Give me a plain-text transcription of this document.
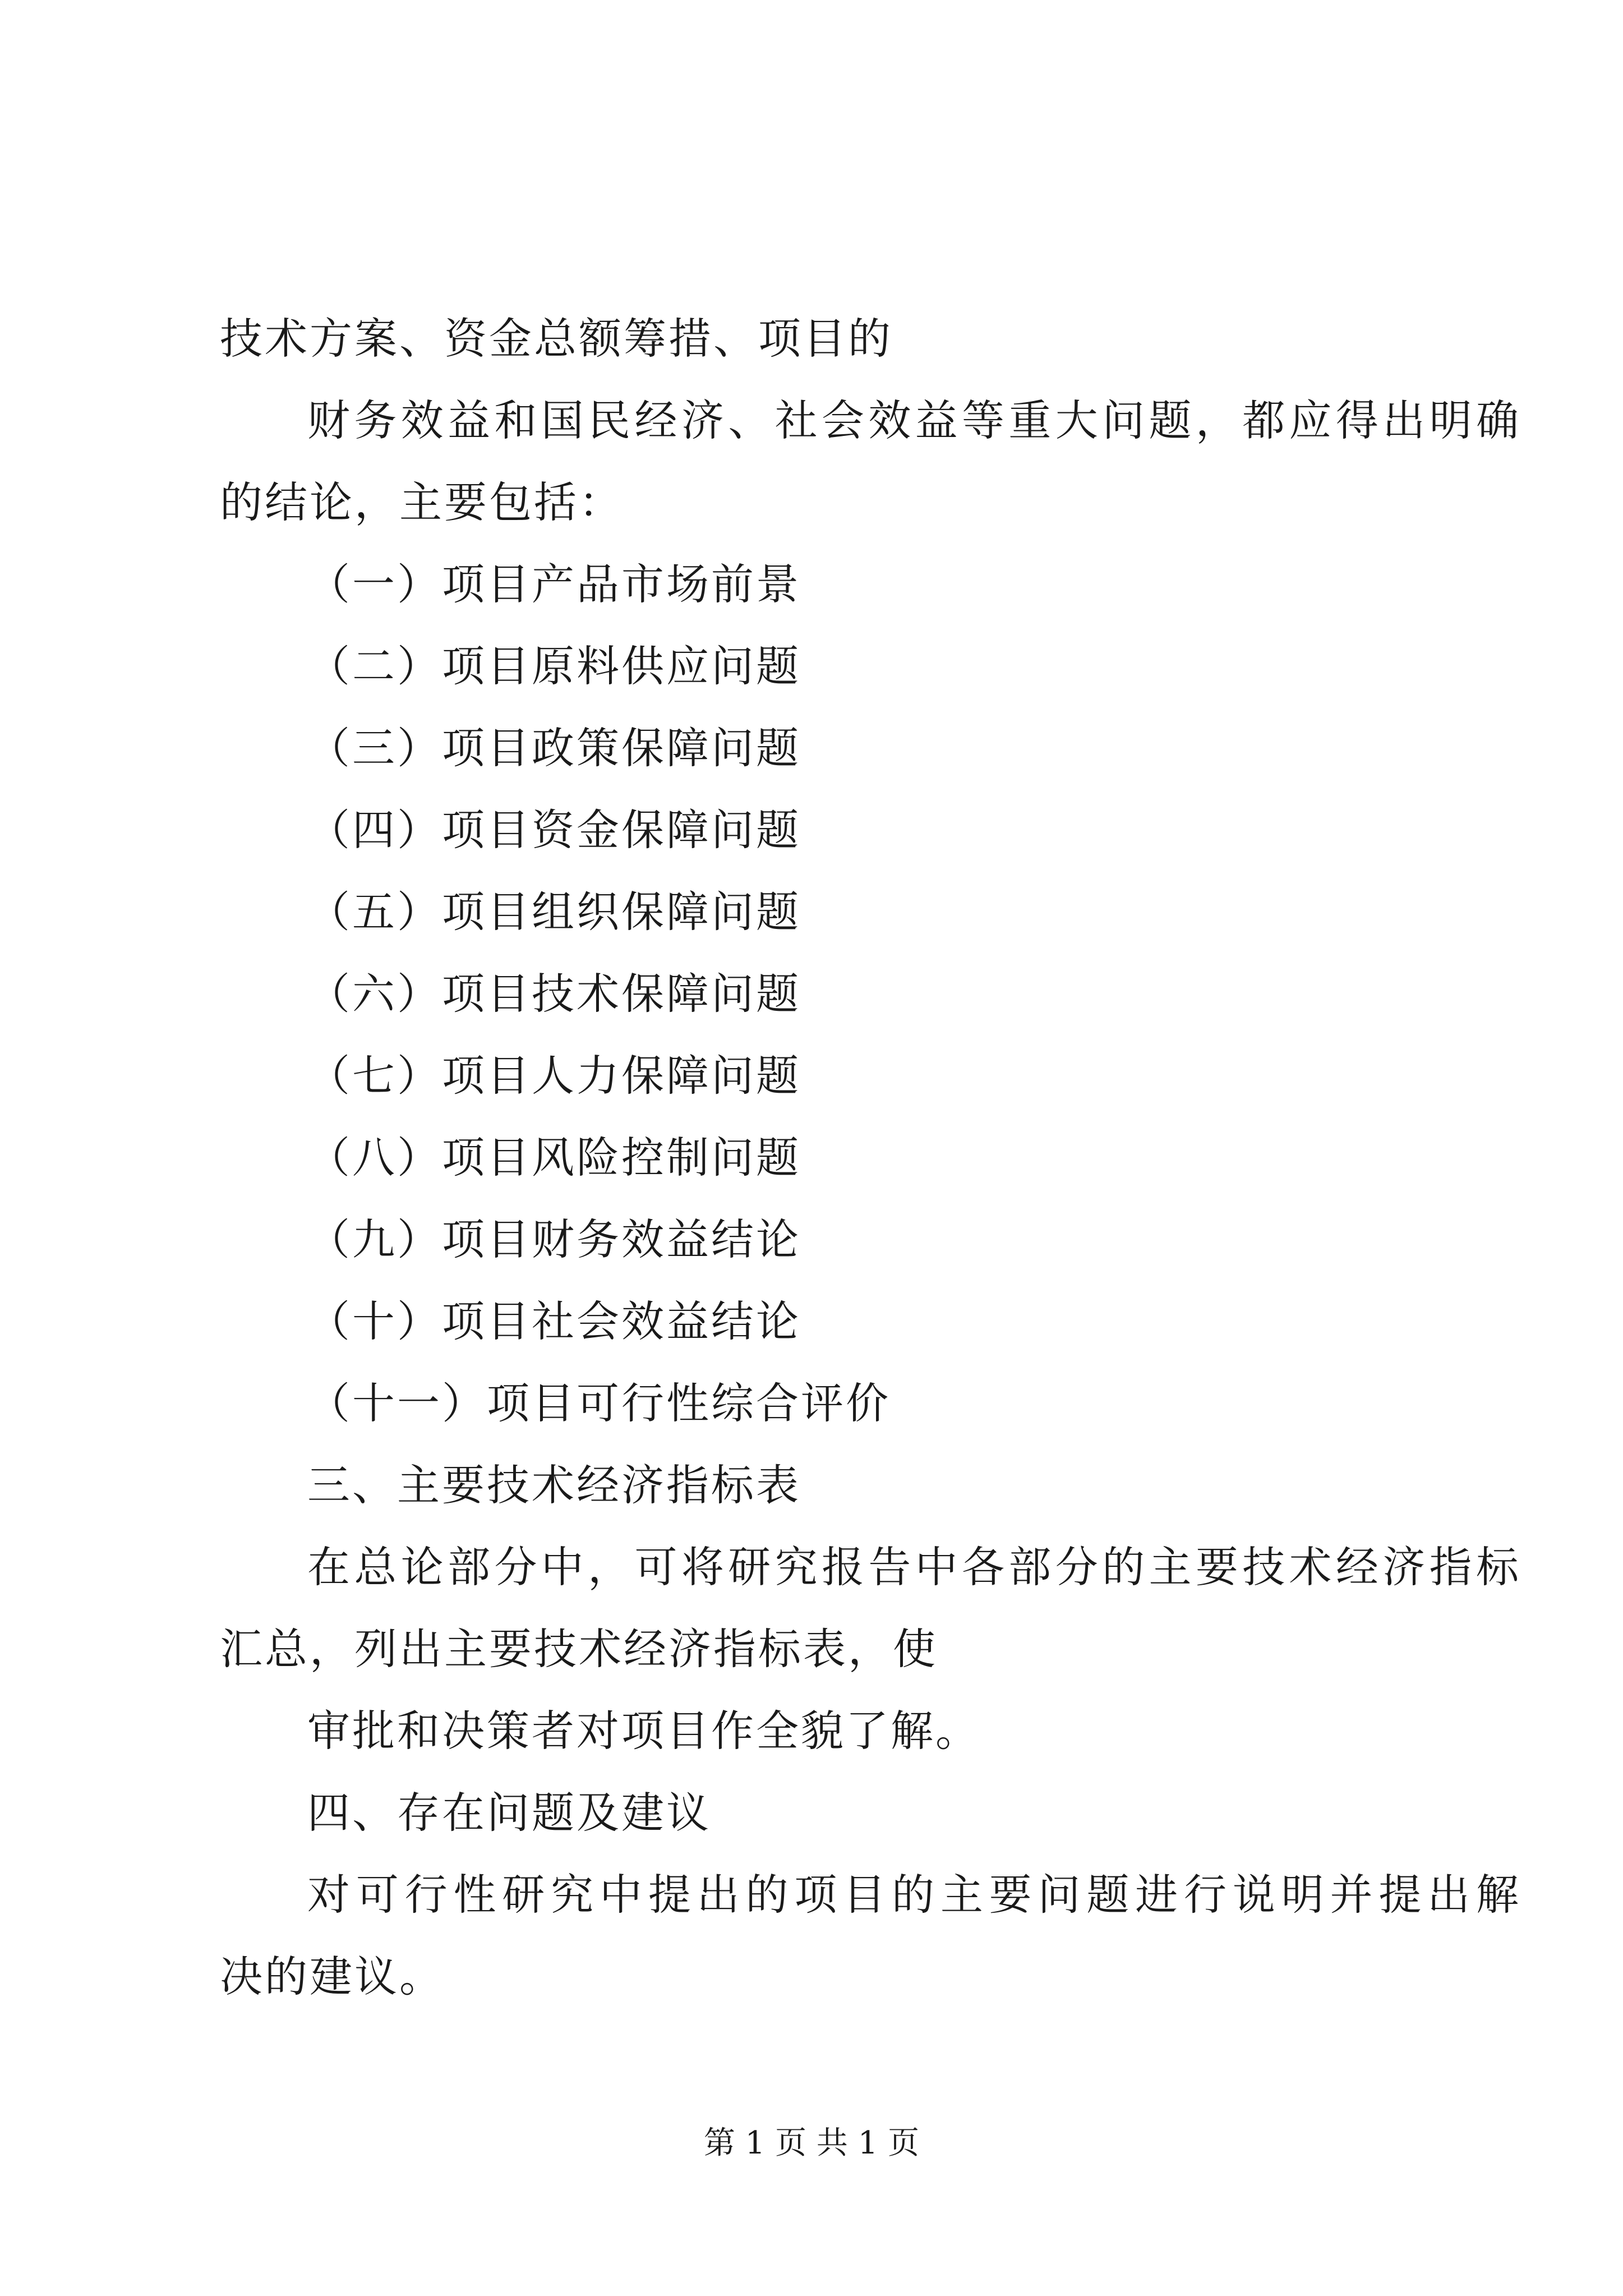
技术方案、资金总额筹措、项目的
财务效益和国民经济、社会效益等重大问题，都应得出明确
的结论，主要包括：
（一）项目产品市场前景
（二）项目原料供应问题
（三）项目政策保障问题
（四）项目资金保障问题
（五）项目组织保障问题
（六）项目技术保障问题
（七）项目人力保障问题
（八）项目风险控制问题
（九）项目财务效益结论
（十）项目社会效益结论
（十一）项目可行性综合评价
三、主要技术经济指标表
在总论部分中，可将研究报告中各部分的主要技术经济指标
汇总，列出主要技术经济指标表，使
审批和决策者对项目作全貌了解。
四、存在问题及建议
对可行性研究中提出的项目的主要问题进行说明并提出解
决的建议。
第 1 页 共 1 页
